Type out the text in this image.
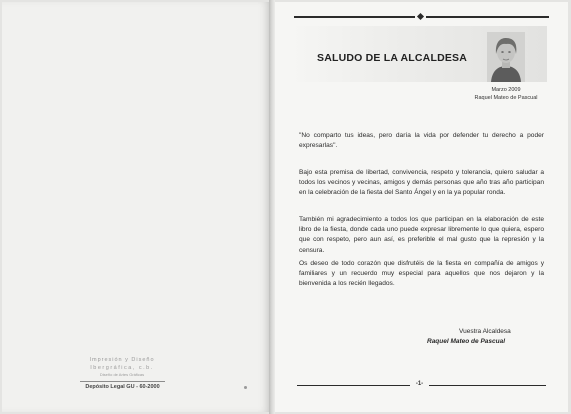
Impresión y Diseño
Ibergráfica, c.b.
Diseño de Artes Gráficas
Depósito Legal GU - 60-2000
SALUDO DE LA ALCALDESA
Marzo 2009
Raquel Mateo de Pascual
"No comparto tus ideas, pero daría la vida por defender tu derecho a poder expresarlas".
Bajo esta premisa de libertad, convivencia, respeto y tolerancia, quiero saludar a todos los vecinos y vecinas, amigos y demás personas que año tras año participan en la celebración de la fiesta del Santo Ángel y en la ya popular ronda.
También mi agradecimiento a todos los que participan en la elaboración de este libro de la fiesta, donde cada uno puede expresar libremente lo que quiera, espero que con respeto, pero aun así, es preferible el mal gusto que la represión y la censura.
Os deseo de todo corazón que disfrutéis de la fiesta en compañía de amigos y familiares y un recuerdo muy especial para aquellos que nos dejaron y la bienvenida a los recién llegados.
Vuestra Alcaldesa
Raquel Mateo de Pascual
-1-
